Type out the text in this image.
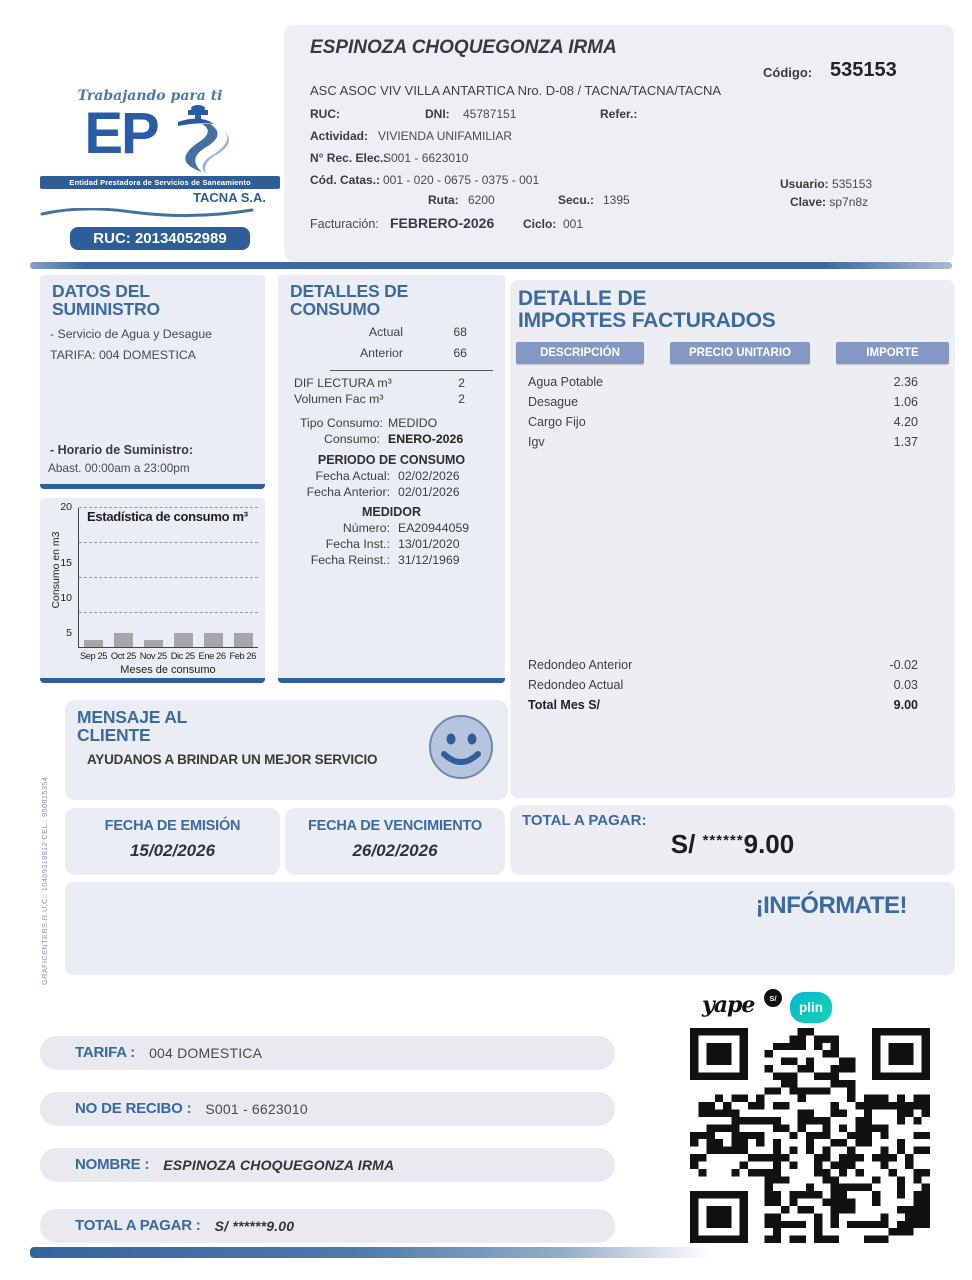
Trabajando para ti
EP
Entidad Prestadora de Servicios de Saneamiento
TACNA S.A.
RUC: 20134052989
ESPINOZA CHOQUEGONZA IRMA
Código: 535153
ASC ASOC VIV VILLA ANTARTICA Nro. D-08 / TACNA/TACNA/TACNA
RUC:	DNI: 45787151	Refer.:
Actividad: VIVIENDA UNIFAMILIAR
N° Rec. Elec.:
S001 - 6623010
Cód. Catas.: 001 - 020 - 0675 - 0375 - 001
Ruta: 6200	Secu.: 1395
Usuario: 535153
Clave: sp7n8z
Facturación: FEBRERO-2026 Ciclo: 001
DATOS DEL
SUMINISTRO
- Servicio de Agua y Desague
TARIFA: 004 DOMESTICA
- Horario de Suministro:
Abast. 00:00am a 23:00pm
Consumo en m3
20
Estadística de consumo m³
Sep 25 Oct 25 Nov 25 Dic 25 Ene 26 Feb 26
Meses de consumo
5
10
15
DETALLES DE
CONSUMO
Actual	68
Anterior	66
DIF LECTURA m³	2
Volumen Fac m³	2
Tipo Consumo: MEDIDO
Consumo: ENERO-2026
PERIODO DE CONSUMO
Fecha Actual: 02/02/2026
Fecha Anterior: 02/01/2026
MEDIDOR
Número: EA20944059
Fecha Inst.: 13/01/2020
Fecha Reinst.: 31/12/1969
DETALLE DE
IMPORTES FACTURADOS
DESCRIPCIÓN	PRECIO UNITARIO	IMPORTE
Agua Potable	2.36
Desague	1.06
Cargo Fijo	4.20
Igv	1.37
Redondeo Anterior	-0.02
Redondeo Actual	0.03
Total Mes S/	9.00
MENSAJE AL
CLIENTE
AYUDANOS A BRINDAR UN MEJOR SERVICIO
FECHA DE EMISIÓN
15/02/2026
FECHA DE VENCIMIENTO
26/02/2026
TOTAL A PAGAR:
S/ ******9.00
¡INFÓRMATE!
GRAFICENTERS R.U.C.: 10409318812 CEL.: 950815354
yape	S/
plin
TARIFA : 004 DOMESTICA
NO DE RECIBO : S001 - 6623010
NOMBRE : ESPINOZA CHOQUEGONZA IRMA
TOTAL A PAGAR : S/ ******9.00
